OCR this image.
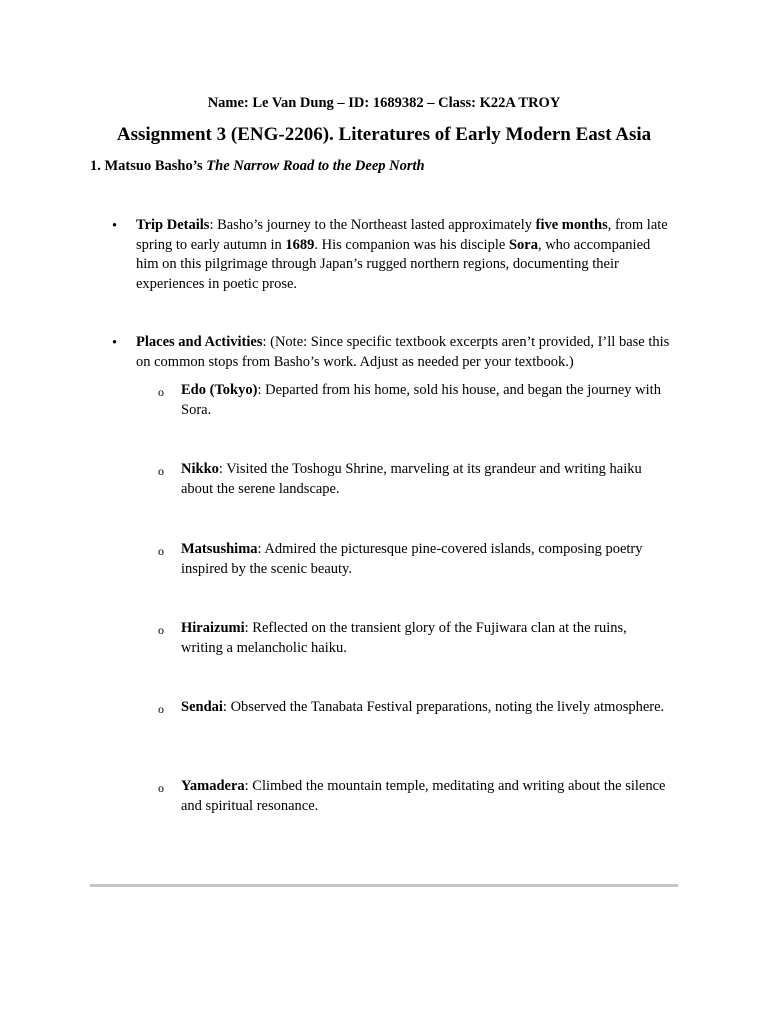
Name: Le Van Dung – ID: 1689382 – Class: K22A TROY
Assignment 3 (ENG-2206). Literatures of Early Modern East Asia
1. Matsuo Basho’s The Narrow Road to the Deep North
• Trip Details: Basho’s journey to the Northeast lasted approximately five months, from late spring to early autumn in 1689. His companion was his disciple Sora, who accompanied him on this pilgrimage through Japan’s rugged northern regions, documenting their experiences in poetic prose.
• Places and Activities: (Note: Since specific textbook excerpts aren’t provided, I’ll base this on common stops from Basho’s work. Adjust as needed per your textbook.)
o Edo (Tokyo): Departed from his home, sold his house, and began the journey with Sora.
o Nikko: Visited the Toshogu Shrine, marveling at its grandeur and writing haiku about the serene landscape.
o Matsushima: Admired the picturesque pine-covered islands, composing poetry inspired by the scenic beauty.
o Hiraizumi: Reflected on the transient glory of the Fujiwara clan at the ruins, writing a melancholic haiku.
o Sendai: Observed the Tanabata Festival preparations, noting the lively atmosphere.
o Yamadera: Climbed the mountain temple, meditating and writing about the silence and spiritual resonance.
